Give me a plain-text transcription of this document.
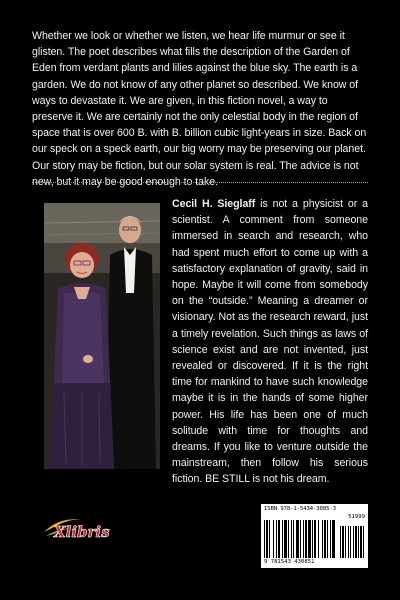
Whether we look or whether we listen, we hear life murmur or see it glisten. The poet describes what fills the description of the Garden of Eden from verdant plants and lilies against the blue sky. The earth is a garden. We do not know of any other planet so described. We know of ways to devastate it. We are given, in this fiction novel, a way to preserve it. We are certainly not the only celestial body in the region of space that is over 600 B. with B. billion cubic light-years in size. Back on our speck on a speck earth, our big worry may be preserving our planet. Our story may be fiction, but our solar system is real. The advice is not new, but it may be good enough to take.

Cecil H. Sieglaff is not a physicist or a scientist. A comment from someone immersed in search and research, who had spent much effort to come up with a satisfactory explanation of gravity, said in hope. Maybe it will come from somebody on the “outside.” Meaning a dreamer or visionary. Not as the research reward, just a timely revelation. Such things as laws of science exist and are not invented, just revealed or discovered. If it is the right time for mankind to have such knowledge maybe it is in the hands of some higher power. His life has been one of much solitude with time for thoughts and dreams. If you like to venture outside the mainstream, then follow his serious fiction. BE STILL is not his dream.

Xlibris
ISBN 978-1-5434-3085-3
51999
9 781543 430851
